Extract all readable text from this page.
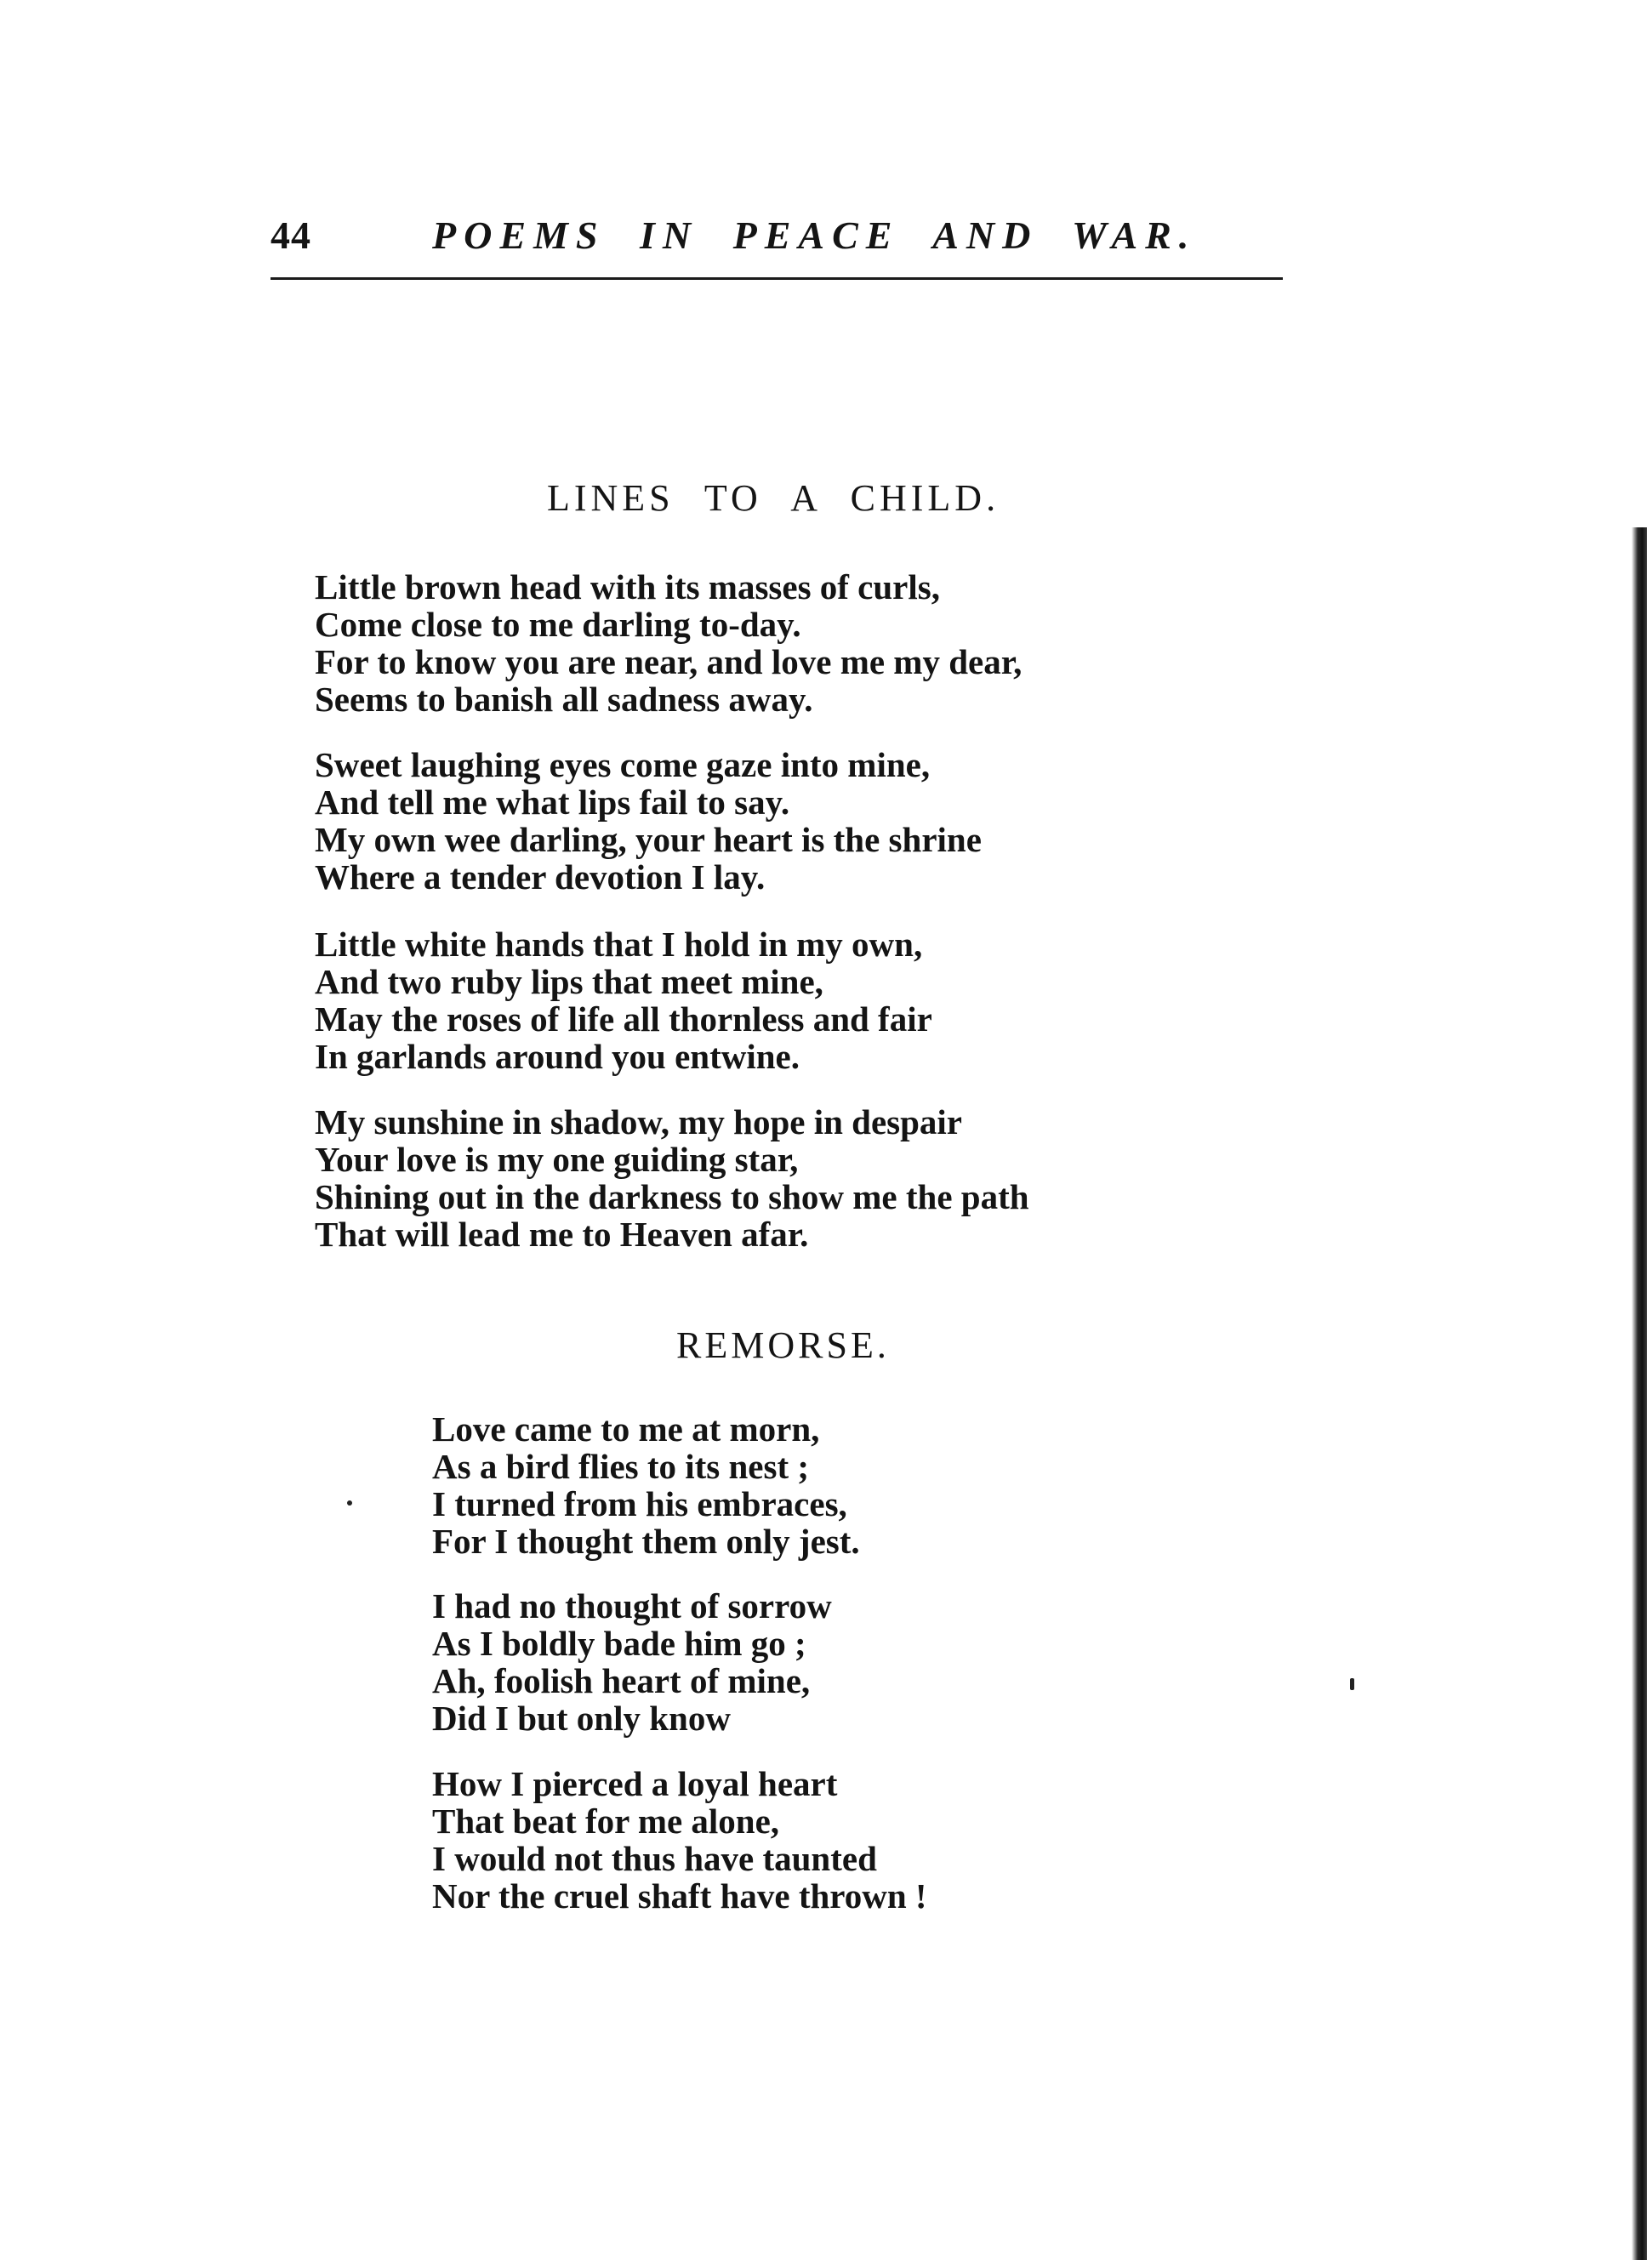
44	POEMS IN PEACE AND WAR.
LINES TO A CHILD.
Little brown head with its masses of curls,
Come close to me darling to-day.
For to know you are near, and love me my dear,
Seems to banish all sadness away.
Sweet laughing eyes come gaze into mine,
And tell me what lips fail to say.
My own wee darling, your heart is the shrine
Where a tender devotion I lay.
Little white hands that I hold in my own,
And two ruby lips that meet mine,
May the roses of life all thornless and fair
In garlands around you entwine.
My sunshine in shadow, my hope in despair
Your love is my one guiding star,
Shining out in the darkness to show me the path
That will lead me to Heaven afar.
REMORSE.
Love came to me at morn,
As a bird flies to its nest ;
I turned from his embraces,
For I thought them only jest.
I had no thought of sorrow
As I boldly bade him go ;
Ah, foolish heart of mine,
Did I but only know
How I pierced a loyal heart
That beat for me alone,
I would not thus have taunted
Nor the cruel shaft have thrown !
